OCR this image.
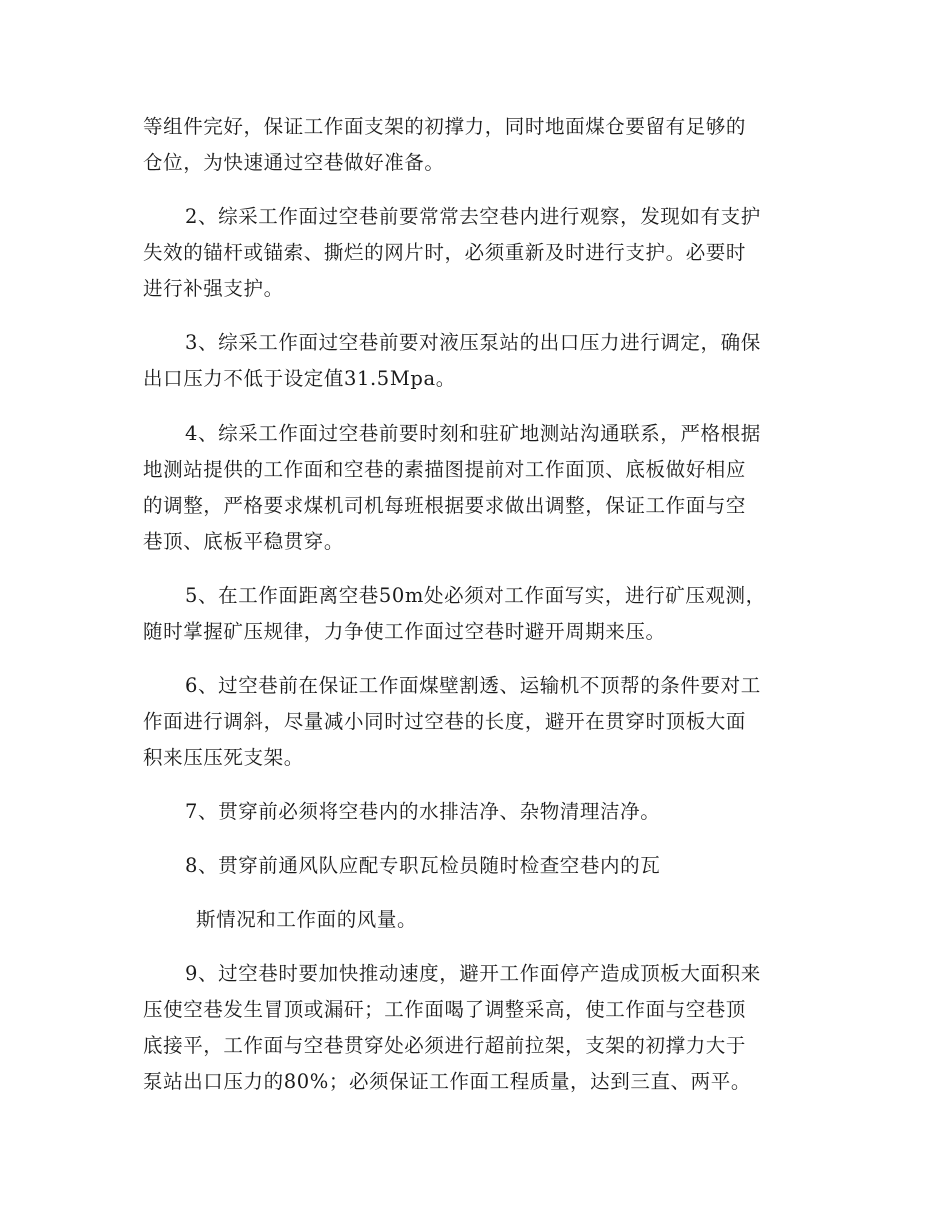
等组件完好，保证工作面支架的初撑力，同时地面煤仓要留有足够的
仓位，为快速通过空巷做好准备。
2、综采工作面过空巷前要常常去空巷内进行观察，发现如有支护
失效的锚杆或锚索、撕烂的网片时，必须重新及时进行支护。必要时
进行补强支护。
3、综采工作面过空巷前要对液压泵站的出口压力进行调定，确保
出口压力不低于设定值31.5Mpa。
4、综采工作面过空巷前要时刻和驻矿地测站沟通联系，严格根据
地测站提供的工作面和空巷的素描图提前对工作面顶、底板做好相应
的调整，严格要求煤机司机每班根据要求做出调整，保证工作面与空
巷顶、底板平稳贯穿。
5、在工作面距离空巷50m处必须对工作面写实，进行矿压观测，
随时掌握矿压规律，力争使工作面过空巷时避开周期来压。
6、过空巷前在保证工作面煤壁割透、运输机不顶帮的条件要对工
作面进行调斜，尽量减小同时过空巷的长度，避开在贯穿时顶板大面
积来压压死支架。
7、贯穿前必须将空巷内的水排洁净、杂物清理洁净。
8、贯穿前通风队应配专职瓦检员随时检查空巷内的瓦
斯情况和工作面的风量。
9、过空巷时要加快推动速度，避开工作面停产造成顶板大面积来
压使空巷发生冒顶或漏矸；工作面喝了调整采高，使工作面与空巷顶
底接平，工作面与空巷贯穿处必须进行超前拉架，支架的初撑力大于
泵站出口压力的80%；必须保证工作面工程质量，达到三直、两平。
